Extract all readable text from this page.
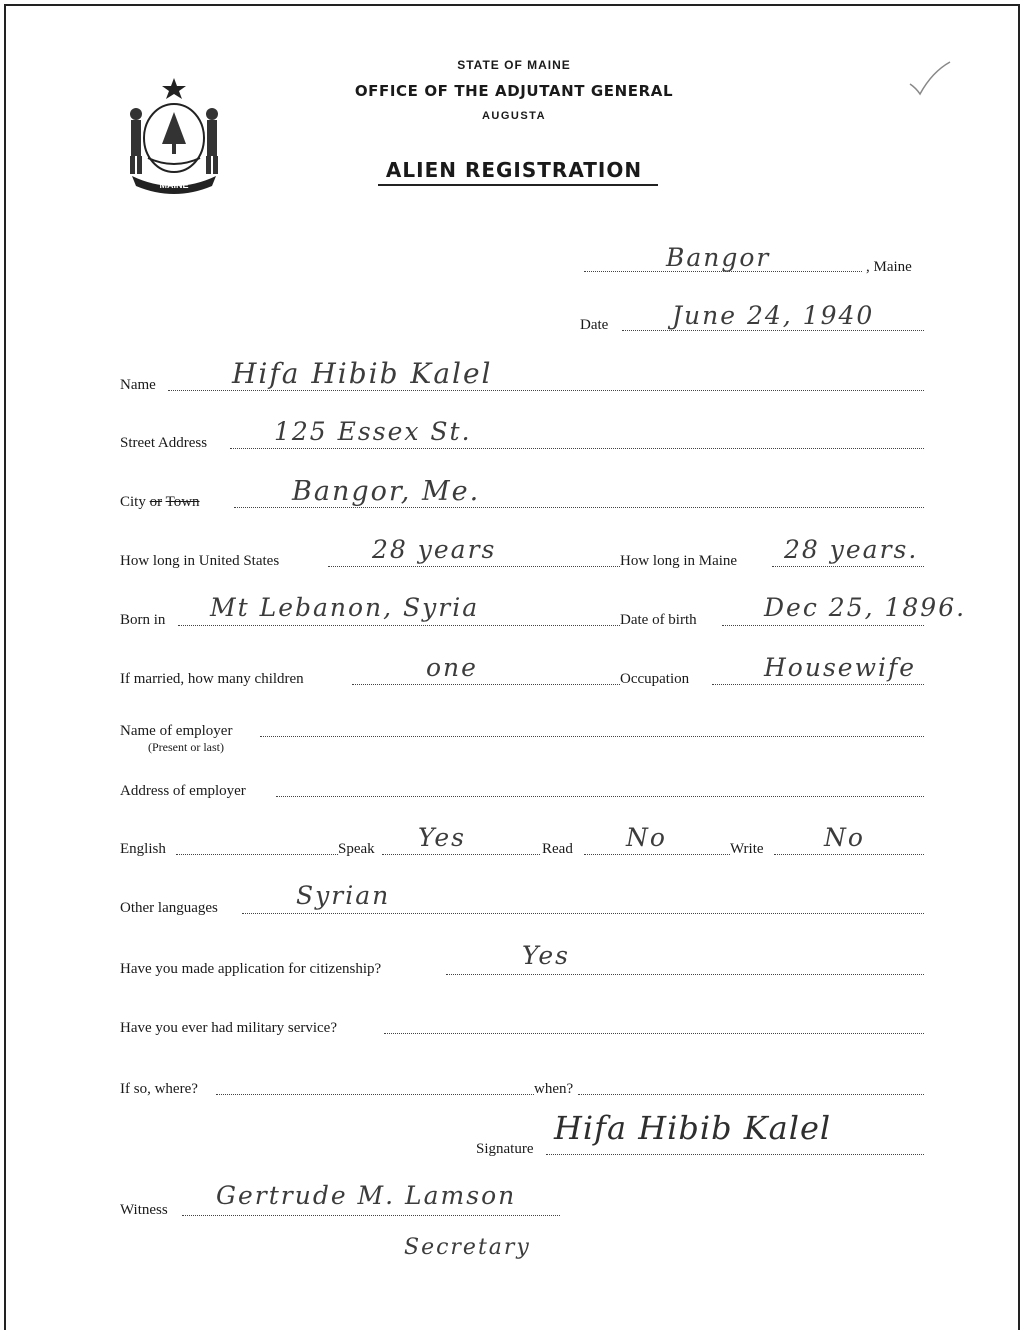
MAINE
STATE OF MAINE
OFFICE OF THE ADJUTANT GENERAL
AUGUSTA
ALIEN REGISTRATION
Bangor	, Maine
Date	June 24, 1940
Name	Hifa Hibib Kalel
Street Address	125 Essex St.
City or Town	Bangor, Me.
How long in United States	28 years	How long in Maine 28 years.
Born in Mt Lebanon, Syria	Date of birth	Dec 25, 1896.
If married, how many children	one	Occupation	Housewife
Name of employer
(Present or last)
Address of employer
English	Speak Yes	Read No	Write No
Other languages	Syrian
Have you made application for citizenship?	Yes
Have you ever had military service?
If so, where?	when?
Signature
Hifa Hibib Kalel
Witness Gertrude M. Lamson
Secretary
